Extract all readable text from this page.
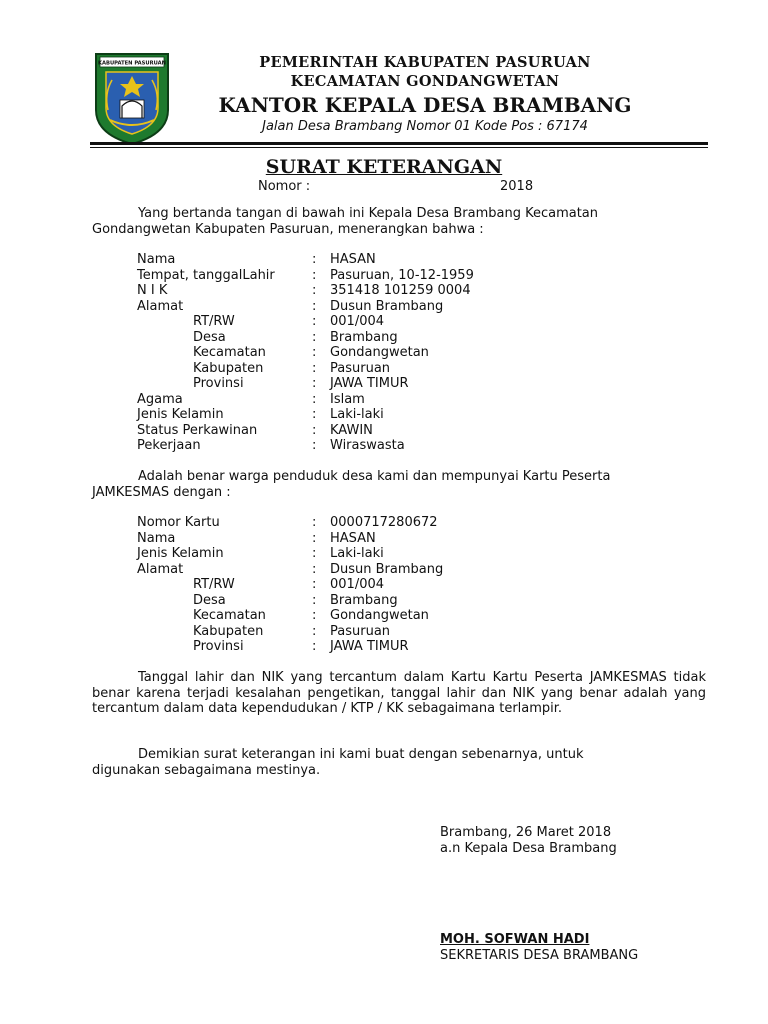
KABUPATEN PASURUAN	PEMERINTAH KABUPATEN PASURUAN
KECAMATAN GONDANGWETAN
KANTOR KEPALA DESA BRAMBANG
Jalan Desa Brambang Nomor 01 Kode Pos : 67174
SURAT KETERANGAN
Nomor :	2018
Yang bertanda tangan di bawah ini Kepala Desa Brambang Kecamatan
Gondangwetan Kabupaten Pasuruan, menerangkan bahwa :
Nama	: HASAN
Tempat, tanggalLahir	: Pasuruan, 10-12-1959
N I K	: 351418 101259 0004
Alamat	: Dusun Brambang
RT/RW	: 001/004
Desa	: Brambang
Kecamatan	: Gondangwetan
Kabupaten	: Pasuruan
Provinsi	: JAWA TIMUR
Agama	: Islam
Jenis Kelamin	: Laki-laki
Status Perkawinan	: KAWIN
Pekerjaan	: Wiraswasta
Adalah benar warga penduduk desa kami dan mempunyai Kartu Peserta
JAMKESMAS dengan :
Nomor Kartu	: 0000717280672
Nama	: HASAN
Jenis Kelamin	: Laki-laki
Alamat	: Dusun Brambang
RT/RW	: 001/004
Desa	: Brambang
Kecamatan	: Gondangwetan
Kabupaten	: Pasuruan
Provinsi	: JAWA TIMUR
Tanggal lahir dan NIK yang tercantum dalam Kartu Kartu Peserta JAMKESMAS tidak benar karena terjadi kesalahan pengetikan, tanggal lahir dan NIK yang benar adalah yang tercantum dalam data kependudukan / KTP / KK sebagaimana terlampir.
Demikian surat keterangan ini kami buat dengan sebenarnya, untuk
digunakan sebagaimana mestinya.
Brambang, 26 Maret 2018
a.n Kepala Desa Brambang
MOH. SOFWAN HADI
SEKRETARIS DESA BRAMBANG
